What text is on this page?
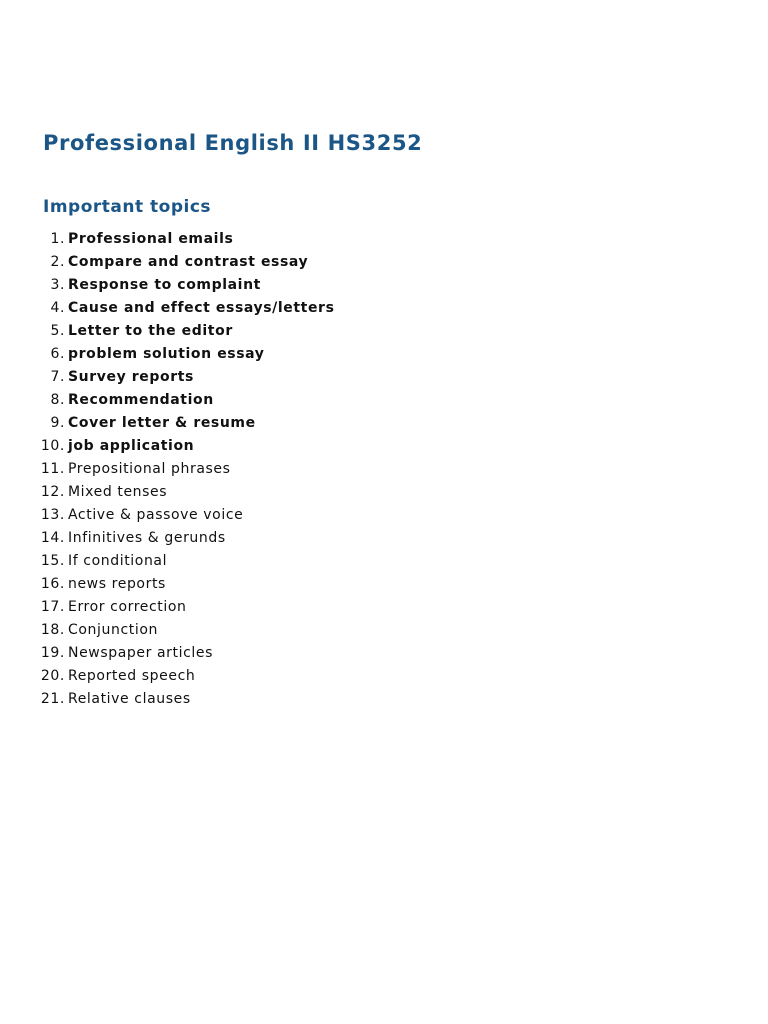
Professional English II HS3252
Important topics
1. Professional emails
2. Compare and contrast essay
3. Response to complaint
4. Cause and effect essays/letters
5. Letter to the editor
6. problem solution essay
7. Survey reports
8. Recommendation
9. Cover letter & resume
10. job application
11. Prepositional phrases
12. Mixed tenses
13. Active & passove voice
14. Infinitives & gerunds
15. If conditional
16. news reports
17. Error correction
18. Conjunction
19. Newspaper articles
20. Reported speech
21. Relative clauses
